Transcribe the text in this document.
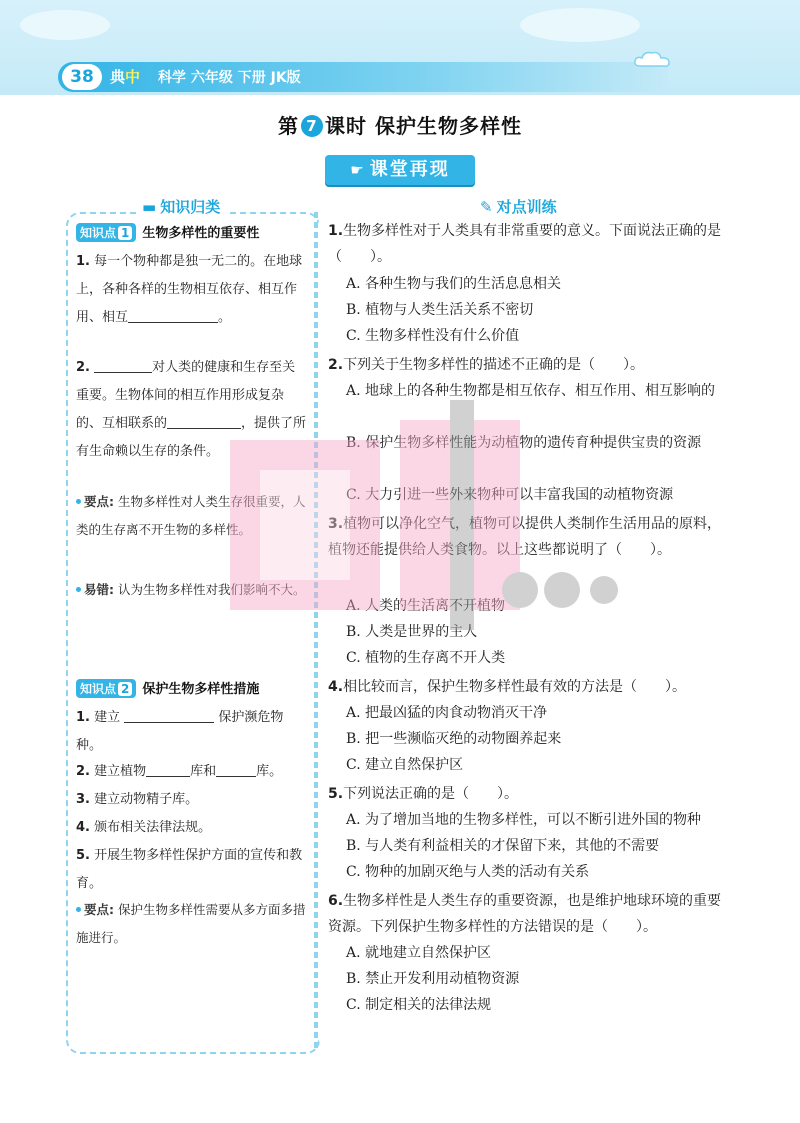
38	典中 科学 六年级 下册 JK版
第 7 课时 保护生物多样性
☛ 课堂再现
▬ 知识归类	✎ 对点训练
知识点 1 生物多样性的重要性
1. 每一个物种都是独一无二的。在地球上，各种各样的生物相互依存、相互作用、相互	。
2.	对人类的健康和生存至关重要。生物体间的相互作用形成复杂的、互相联系的	，提供了所有生命赖以生存的条件。
要点: 生物多样性对人类生存很重要，人类的生存离不开生物的多样性。
易错: 认为生物多样性对我们影响不大。
知识点 2 保护生物多样性措施
1. 建立	保护濒危物种。
2. 建立植物	库和	库。
3. 建立动物精子库。
4. 颁布相关法律法规。
5. 开展生物多样性保护方面的宣传和教育。
要点: 保护生物多样性需要从多方面多措施进行。
1.生物多样性对于人类具有非常重要的意义。下面说法正确的是（　　）。
A. 各种生物与我们的生活息息相关
B. 植物与人类生活关系不密切
C. 生物多样性没有什么价值
2.下列关于生物多样性的描述不正确的是（　　）。
A. 地球上的各种生物都是相互依存、相互作用、相互影响的
B. 保护生物多样性能为动植物的遗传育种提供宝贵的资源
C. 大力引进一些外来物种可以丰富我国的动植物资源
3.植物可以净化空气，植物可以提供人类制作生活用品的原料，植物还能提供给人类食物。以上这些都说明了（　　）。
A. 人类的生活离不开植物
B. 人类是世界的主人
C. 植物的生存离不开人类
4.相比较而言，保护生物多样性最有效的方法是（　　）。
A. 把最凶猛的肉食动物消灭干净
B. 把一些濒临灭绝的动物圈养起来
C. 建立自然保护区
5.下列说法正确的是（　　）。
A. 为了增加当地的生物多样性，可以不断引进外国的物种
B. 与人类有利益相关的才保留下来，其他的不需要
C. 物种的加剧灭绝与人类的活动有关系
6.生物多样性是人类生存的重要资源，也是维护地球环境的重要资源。下列保护生物多样性的方法错误的是（　　）。
A. 就地建立自然保护区
B. 禁止开发利用动植物资源
C. 制定相关的法律法规
